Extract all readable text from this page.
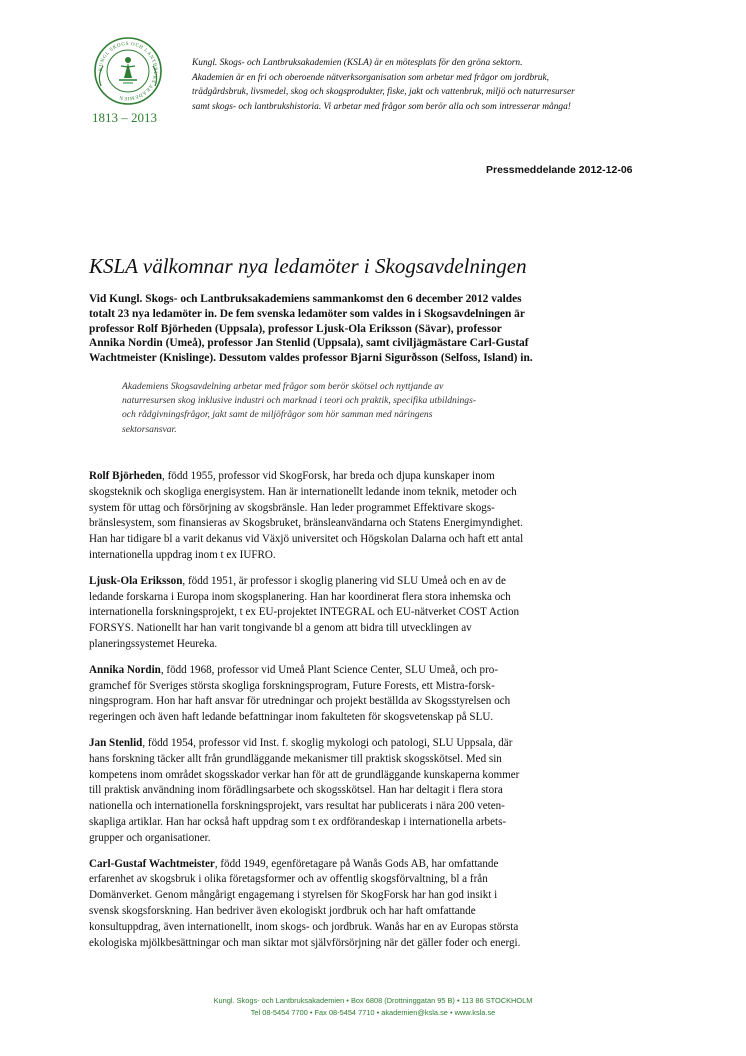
KUNGL SKOGS OCH LANTBRUKS AKADEMIEN
1813 – 2013

Kungl. Skogs- och Lantbruksakademien (KSLA) är en mötesplats för den gröna sektorn.
Akademien är en fri och oberoende nätverksorganisation som arbetar med frågor om jordbruk,
trädgårdsbruk, livsmedel, skog och skogsprodukter, fiske, jakt och vattenbruk, miljö och naturresurser
samt skogs- och lantbrukshistoria. Vi arbetar med frågor som berör alla och som intresserar många!

Pressmeddelande 2012-12-06
KSLA välkomnar nya ledamöter i Skogsavdelningen

Vid Kungl. Skogs- och Lantbruksakademiens sammankomst den 6 december 2012 valdes
totalt 23 nya ledamöter in. De fem svenska ledamöter som valdes in i Skogsavdelningen är
professor Rolf Björheden (Uppsala), professor Ljusk-Ola Eriksson (Sävar), professor
Annika Nordin (Umeå), professor Jan Stenlid (Uppsala), samt civiljägmästare Carl-Gustaf
Wachtmeister (Knislinge). Dessutom valdes professor Bjarni Sigurðsson (Selfoss, Island) in.

Akademiens Skogsavdelning arbetar med frågor som berör skötsel och nyttjande av
naturresursen skog inklusive industri och marknad i teori och praktik, specifika utbildnings-
och rådgivningsfrågor, jakt samt de miljöfrågor som hör samman med näringens
sektorsansvar.

Rolf Björheden, född 1955, professor vid SkogForsk, har breda och djupa kunskaper inom
skogsteknik och skogliga energisystem. Han är internationellt ledande inom teknik, metoder och
system för uttag och försörjning av skogsbränsle. Han leder programmet Effektivare skogs-
bränslesystem, som finansieras av Skogsbruket, bränsleanvändarna och Statens Energimyndighet.
Han har tidigare bl a varit dekanus vid Växjö universitet och Högskolan Dalarna och haft ett antal
internationella uppdrag inom t ex IUFRO.

Ljusk-Ola Eriksson, född 1951, är professor i skoglig planering vid SLU Umeå och en av de
ledande forskarna i Europa inom skogsplanering. Han har koordinerat flera stora inhemska och
internationella forskningsprojekt, t ex EU-projektet INTEGRAL och EU-nätverket COST Action
FORSYS. Nationellt har han varit tongivande bl a genom att bidra till utvecklingen av
planeringssystemet Heureka.

Annika Nordin, född 1968, professor vid Umeå Plant Science Center, SLU Umeå, och pro-
gramchef för Sveriges största skogliga forskningsprogram, Future Forests, ett Mistra-forsk-
ningsprogram. Hon har haft ansvar för utredningar och projekt beställda av Skogsstyrelsen och
regeringen och även haft ledande befattningar inom fakulteten för skogsvetenskap på SLU.

Jan Stenlid, född 1954, professor vid Inst. f. skoglig mykologi och patologi, SLU Uppsala, där
hans forskning täcker allt från grundläggande mekanismer till praktisk skogsskötsel. Med sin
kompetens inom området skogsskador verkar han för att de grundläggande kunskaperna kommer
till praktisk användning inom förädlingsarbete och skogsskötsel. Han har deltagit i flera stora
nationella och internationella forskningsprojekt, vars resultat har publicerats i nära 200 veten-
skapliga artiklar. Han har också haft uppdrag som t ex ordförandeskap i internationella arbets-
grupper och organisationer.

Carl-Gustaf Wachtmeister, född 1949, egenföretagare på Wanås Gods AB, har omfattande
erfarenhet av skogsbruk i olika företagsformer och av offentlig skogsförvaltning, bl a från
Domänverket. Genom mångårigt engagemang i styrelsen för SkogForsk har han god insikt i
svensk skogsforskning. Han bedriver även ekologiskt jordbruk och har haft omfattande
konsultuppdrag, även internationellt, inom skogs- och jordbruk. Wanås har en av Europas största
ekologiska mjölkbesättningar och man siktar mot självförsörjning när det gäller foder och energi.

Kungl. Skogs- och Lantbruksakademien • Box 6808 (Drottninggatan 95 B) • 113 86 STOCKHOLM
Tel 08-5454 7700 • Fax 08-5454 7710 • akademien@ksla.se • www.ksla.se
